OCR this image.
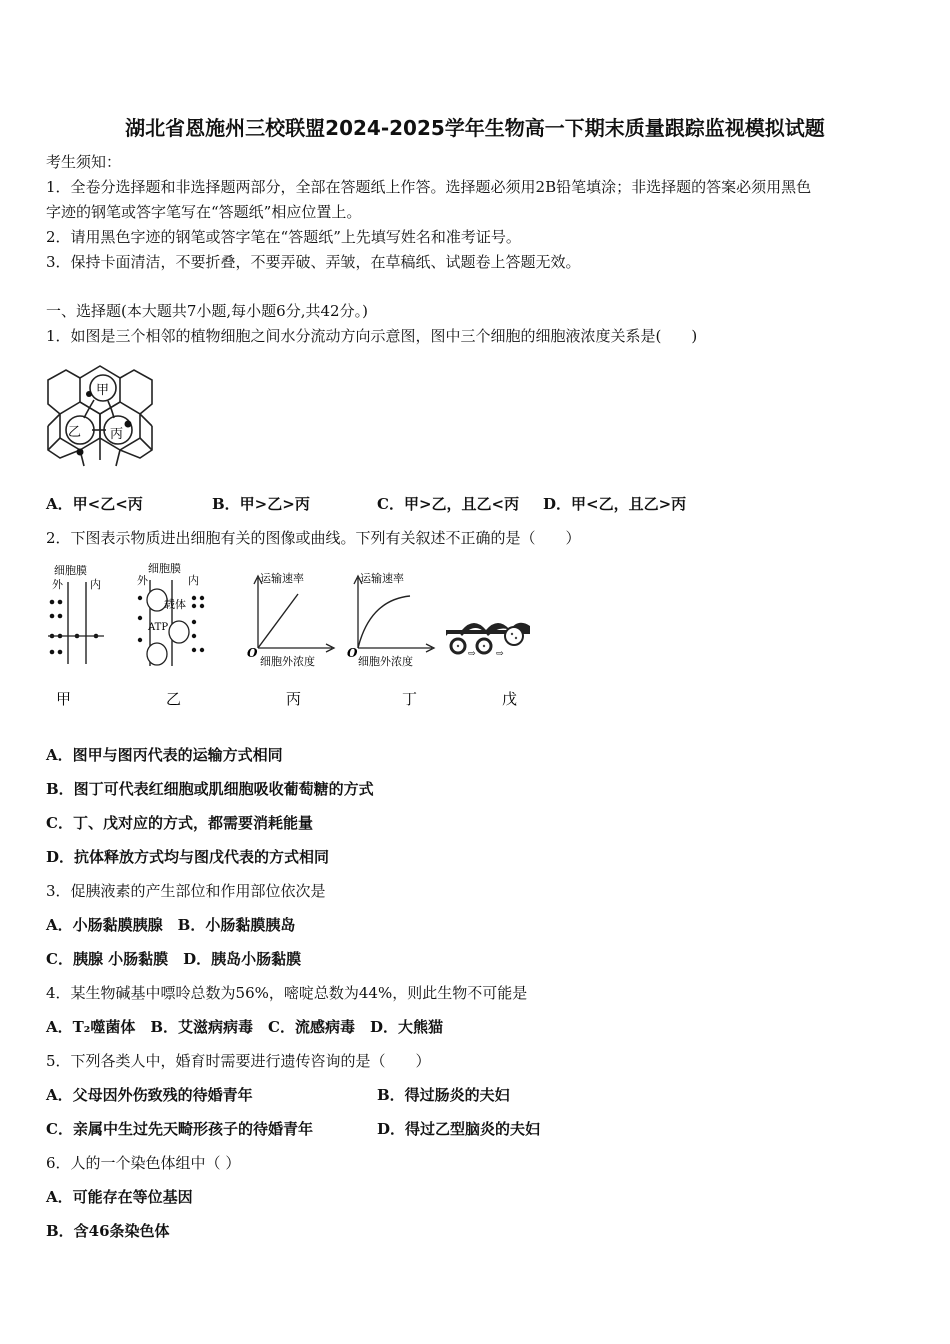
湖北省恩施州三校联盟2024-2025学年生物高一下期末质量跟踪监视模拟试题
考生须知：
1．全卷分选择题和非选择题两部分，全部在答题纸上作答。选择题必须用2B铅笔填涂；非选择题的答案必须用黑色
字迹的钢笔或答字笔写在“答题纸”相应位置上。
2．请用黑色字迹的钢笔或答字笔在“答题纸”上先填写姓名和准考证号。
3．保持卡面清洁，不要折叠，不要弄破、弄皱，在草稿纸、试题卷上答题无效。
一、选择题(本大题共7小题,每小题6分,共42分。)
1．如图是三个相邻的植物细胞之间水分流动方向示意图，图中三个细胞的细胞液浓度关系是(　　)
甲
乙 丙
A．甲<乙<丙	B．甲>乙>丙	C．甲>乙，且乙<丙 D．甲<乙，且乙>丙
2．下图表示物质进出细胞有关的图像或曲线。下列有关叙述不正确的是（　　）
细胞膜
外 内
细胞膜
外	内
载体
ATP
运输速率
O
细胞外浓度
运输速率
O
细胞外浓度
⇨ ⇨
甲	乙	丙	丁	戊
A．图甲与图丙代表的运输方式相同
B．图丁可代表红细胞或肌细胞吸收葡萄糖的方式
C．丁、戊对应的方式，都需要消耗能量
D．抗体释放方式均与图戊代表的方式相同
3．促胰液素的产生部位和作用部位依次是
A．小肠黏膜胰腺　B．小肠黏膜胰岛
C．胰腺 小肠黏膜　D．胰岛小肠黏膜
4．某生物碱基中嘌呤总数为56%，嘧啶总数为44%，则此生物不可能是
A．T₂噬菌体　B．艾滋病病毒　C．流感病毒　D．大熊猫
5．下列各类人中，婚育时需要进行遗传咨询的是（　　）
A．父母因外伤致残的待婚青年	B．得过肠炎的夫妇
C．亲属中生过先天畸形孩子的待婚青年	D．得过乙型脑炎的夫妇
6．人的一个染色体组中（ ）
A．可能存在等位基因
B．含46条染色体
